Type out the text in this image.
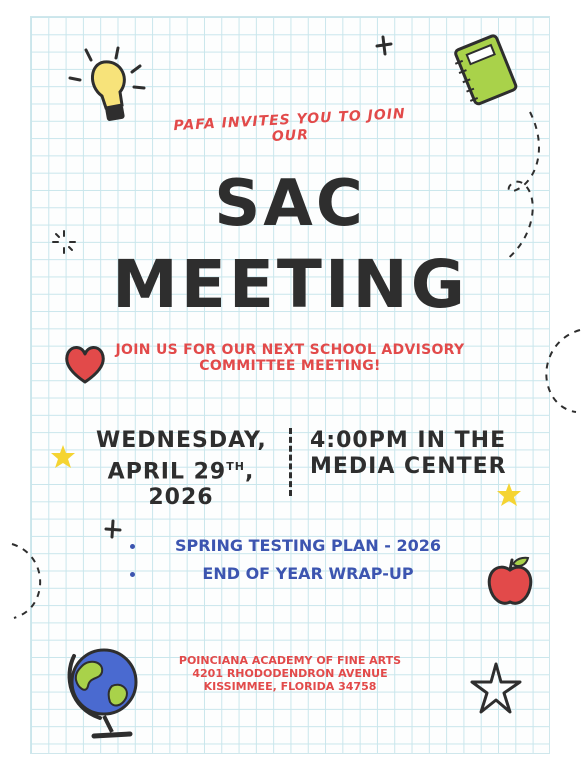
PAFA INVITES YOU TO JOIN OUR

SAC

MEETING

JOIN US FOR OUR NEXT SCHOOL ADVISORY
COMMITTEE MEETING!
WEDNESDAY,
APRIL 29TH,
2026
4:00PM IN THE
MEDIA CENTER
SPRING TESTING PLAN - 2026
END OF YEAR WRAP-UP
POINCIANA ACADEMY OF FINE ARTS
4201 RHODODENDRON AVENUE
KISSIMMEE, FLORIDA 34758
